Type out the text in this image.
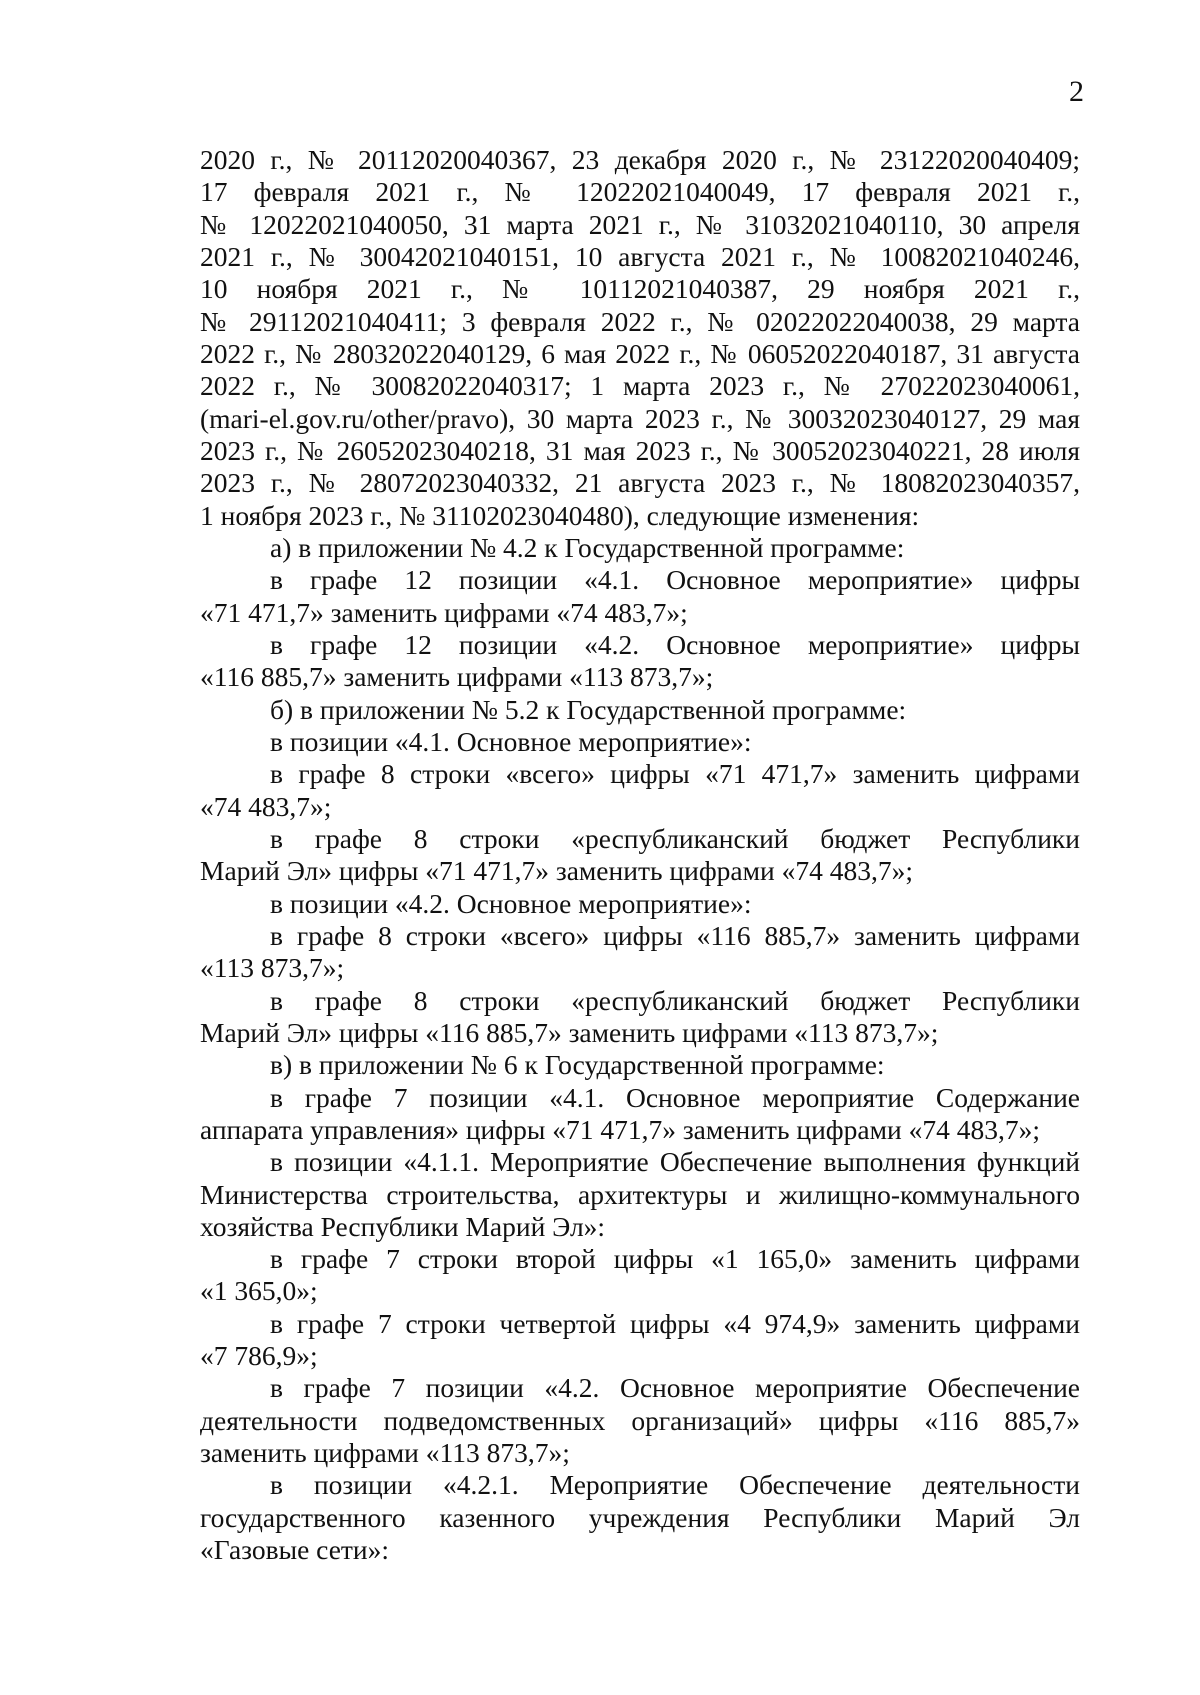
2
2020 г., № 20112020040367, 23 декабря 2020 г., № 23122020040409;
17 февраля 2021 г., № 12022021040049, 17 февраля 2021 г.,
№ 12022021040050, 31 марта 2021 г., № 31032021040110, 30 апреля
2021 г., № 30042021040151, 10 августа 2021 г., № 10082021040246,
10 ноября 2021 г., № 10112021040387, 29 ноября 2021 г.,
№ 29112021040411; 3 февраля 2022 г., № 02022022040038, 29 марта
2022 г., № 28032022040129, 6 мая 2022 г., № 06052022040187, 31 августа
2022 г., № 30082022040317; 1 марта 2023 г., № 27022023040061,
(mari-el.gov.ru/other/pravo), 30 марта 2023 г., № 30032023040127, 29 мая
2023 г., № 26052023040218, 31 мая 2023 г., № 30052023040221, 28 июля
2023 г., № 28072023040332, 21 августа 2023 г., № 18082023040357,
1 ноября 2023 г., № 31102023040480), следующие изменения:
а) в приложении № 4.2 к Государственной программе:
в графе 12 позиции «4.1. Основное мероприятие» цифры
«71 471,7» заменить цифрами «74 483,7»;
в графе 12 позиции «4.2. Основное мероприятие» цифры
«116 885,7» заменить цифрами «113 873,7»;
б) в приложении № 5.2 к Государственной программе:
в позиции «4.1. Основное мероприятие»:
в графе 8 строки «всего» цифры «71 471,7» заменить цифрами
«74 483,7»;
в графе 8 строки «республиканский бюджет Республики
Марий Эл» цифры «71 471,7» заменить цифрами «74 483,7»;
в позиции «4.2. Основное мероприятие»:
в графе 8 строки «всего» цифры «116 885,7» заменить цифрами
«113 873,7»;
в графе 8 строки «республиканский бюджет Республики
Марий Эл» цифры «116 885,7» заменить цифрами «113 873,7»;
в) в приложении № 6 к Государственной программе:
в графе 7 позиции «4.1. Основное мероприятие Содержание
аппарата управления» цифры «71 471,7» заменить цифрами «74 483,7»;
в позиции «4.1.1. Мероприятие Обеспечение выполнения функций
Министерства строительства, архитектуры и жилищно-коммунального
хозяйства Республики Марий Эл»:
в графе 7 строки второй цифры «1 165,0» заменить цифрами
«1 365,0»;
в графе 7 строки четвертой цифры «4 974,9» заменить цифрами
«7 786,9»;
в графе 7 позиции «4.2. Основное мероприятие Обеспечение
деятельности подведомственных организаций» цифры «116 885,7»
заменить цифрами «113 873,7»;
в позиции «4.2.1. Мероприятие Обеспечение деятельности
государственного казенного учреждения Республики Марий Эл
«Газовые сети»:
